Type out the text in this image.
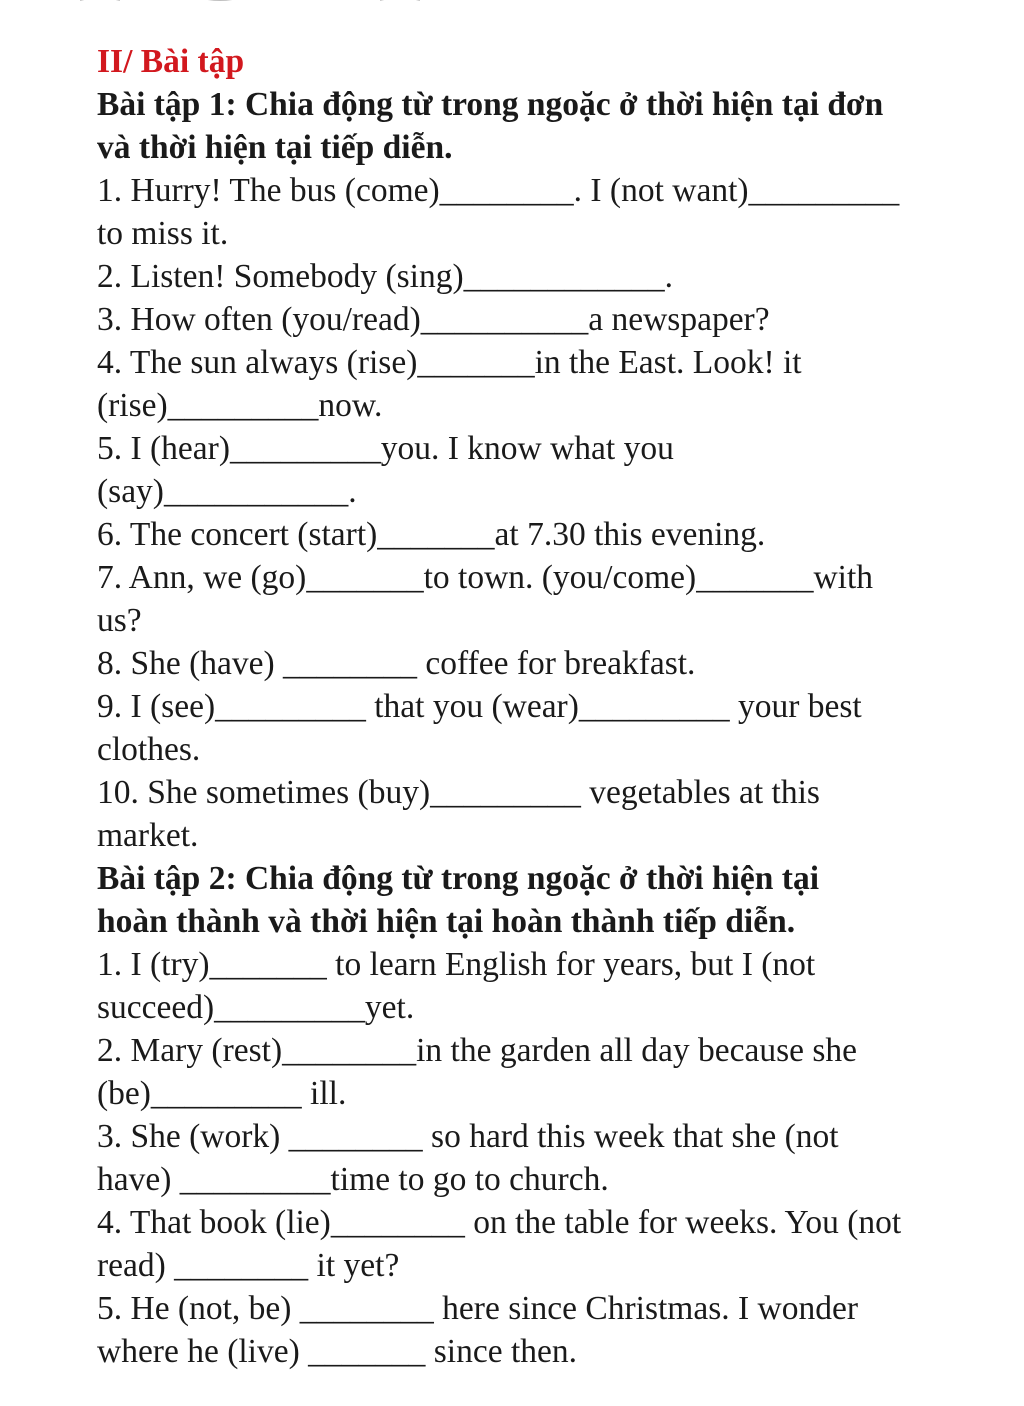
II/ Bài tập
Bài tập 1: Chia động từ trong ngoặc ở thời hiện tại đơn
và thời hiện tại tiếp diễn.
1. Hurry! The bus (come)________. I (not want)_________
to miss it.
2. Listen! Somebody (sing)____________.
3. How often (you/read)__________a newspaper?
4. The sun always (rise)_______in the East. Look! it
(rise)_________now.
5. I (hear)_________you. I know what you
(say)___________.
6. The concert (start)_______at 7.30 this evening.
7. Ann, we (go)_______to town. (you/come)_______with
us?
8. She (have) ________ coffee for breakfast.
9. I (see)_________ that you (wear)_________ your best
clothes.
10. She sometimes (buy)_________ vegetables at this
market.
Bài tập 2: Chia động từ trong ngoặc ở thời hiện tại
hoàn thành và thời hiện tại hoàn thành tiếp diễn.
1. I (try)_______ to learn English for years, but I (not
succeed)_________yet.
2. Mary (rest)________in the garden all day because she
(be)_________ ill.
3. She (work) ________ so hard this week that she (not
have) _________time to go to church.
4. That book (lie)________ on the table for weeks. You (not
read) ________ it yet?
5. He (not, be) ________ here since Christmas. I wonder
where he (live) _______ since then.
